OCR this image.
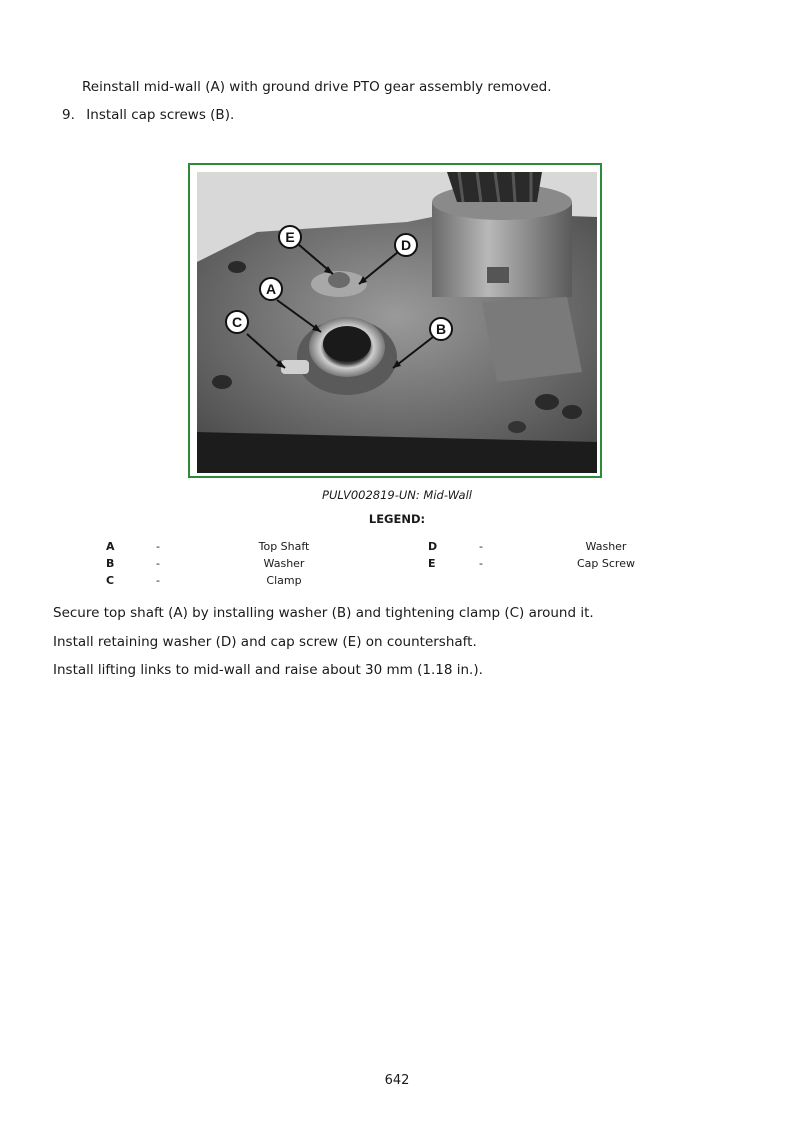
Reinstall mid-wall (A) with ground drive PTO gear assembly removed.
9. Install cap screws (B).
E	D
A
C	B
PULV002819-UN: Mid-Wall
LEGEND:
A	-	Top Shaft
B	-	Washer
C	-	Clamp
D	-	Washer
E	-	Cap Screw
Secure top shaft (A) by installing washer (B) and tightening clamp (C) around it.
Install retaining washer (D) and cap screw (E) on countershaft.
Install lifting links to mid-wall and raise about 30 mm (1.18 in.).
642
